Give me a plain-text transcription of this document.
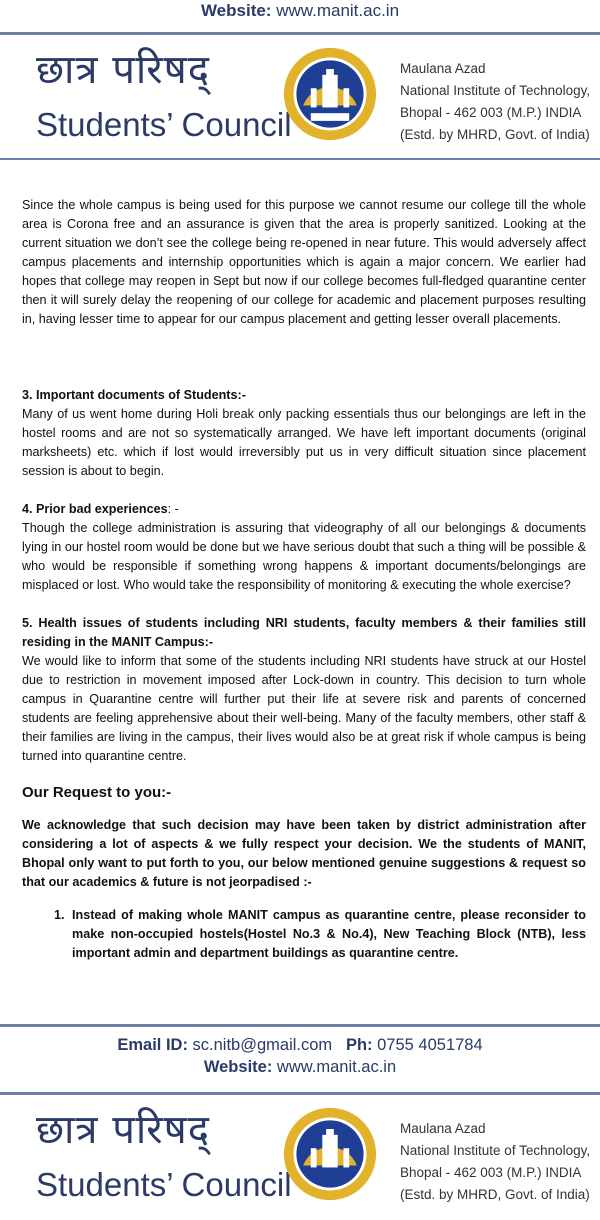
Website: www.manit.ac.in
छात्र परिषद्
Students’ Council
Maulana Azad
National Institute of Technology,
Bhopal - 462 003 (M.P.) INDIA
(Estd. by MHRD, Govt. of India)

Since the whole campus is being used for this purpose we cannot resume our college till the whole area is Corona free and an assurance is given that the area is properly sanitized. Looking at the current situation we don’t see the college being re-opened in near future. This would adversely affect campus placements and internship opportunities which is again a major concern. We earlier had hopes that college may reopen in Sept but now if our college becomes full-fledged quarantine center then it will surely delay the reopening of our college for academic and placement purposes resulting in, having lesser time to appear for our campus placement and getting lesser overall placements.

3. Important documents of Students:-

Many of us went home during Holi break only packing essentials thus our belongings are left in the hostel rooms and are not so systematically arranged. We have left important documents (original marksheets) etc. which if lost would irreversibly put us in very difficult situation since placement session is about to begin.

4. Prior bad experiences: -

Though the college administration is assuring that videography of all our belongings & documents lying in our hostel room would be done but we have serious doubt that such a thing will be possible & who would be responsible if something wrong happens & important documents/belongings are misplaced or lost. Who would take the responsibility of monitoring & executing the whole exercise?

5. Health issues of students including NRI students, faculty members & their families still residing in the MANIT Campus:-

We would like to inform that some of the students including NRI students have struck at our Hostel due to restriction in movement imposed after Lock-down in country. This decision to turn whole campus in Quarantine centre will further put their life at severe risk and parents of concerned students are feeling apprehensive about their well-being. Many of the faculty members, other staff & their families are living in the campus, their lives would also be at great risk if whole campus is being turned into quarantine centre.

Our Request to you:-

We acknowledge that such decision may have been taken by district administration after considering a lot of aspects & we fully respect your decision. We the students of MANIT, Bhopal only want to put forth to you, our below mentioned genuine suggestions & request so that our academics & future is not jeorpadised :-

1. Instead of making whole MANIT campus as quarantine centre, please reconsider to make non-occupied hostels(Hostel No.3 & No.4), New Teaching Block (NTB), less important admin and department buildings as quarantine centre.
Email ID: sc.nitb@gmail.com Ph: 0755 4051784
Website: www.manit.ac.in
छात्र परिषद्
Students’ Council
Maulana Azad
National Institute of Technology,
Bhopal - 462 003 (M.P.) INDIA
(Estd. by MHRD, Govt. of India)
